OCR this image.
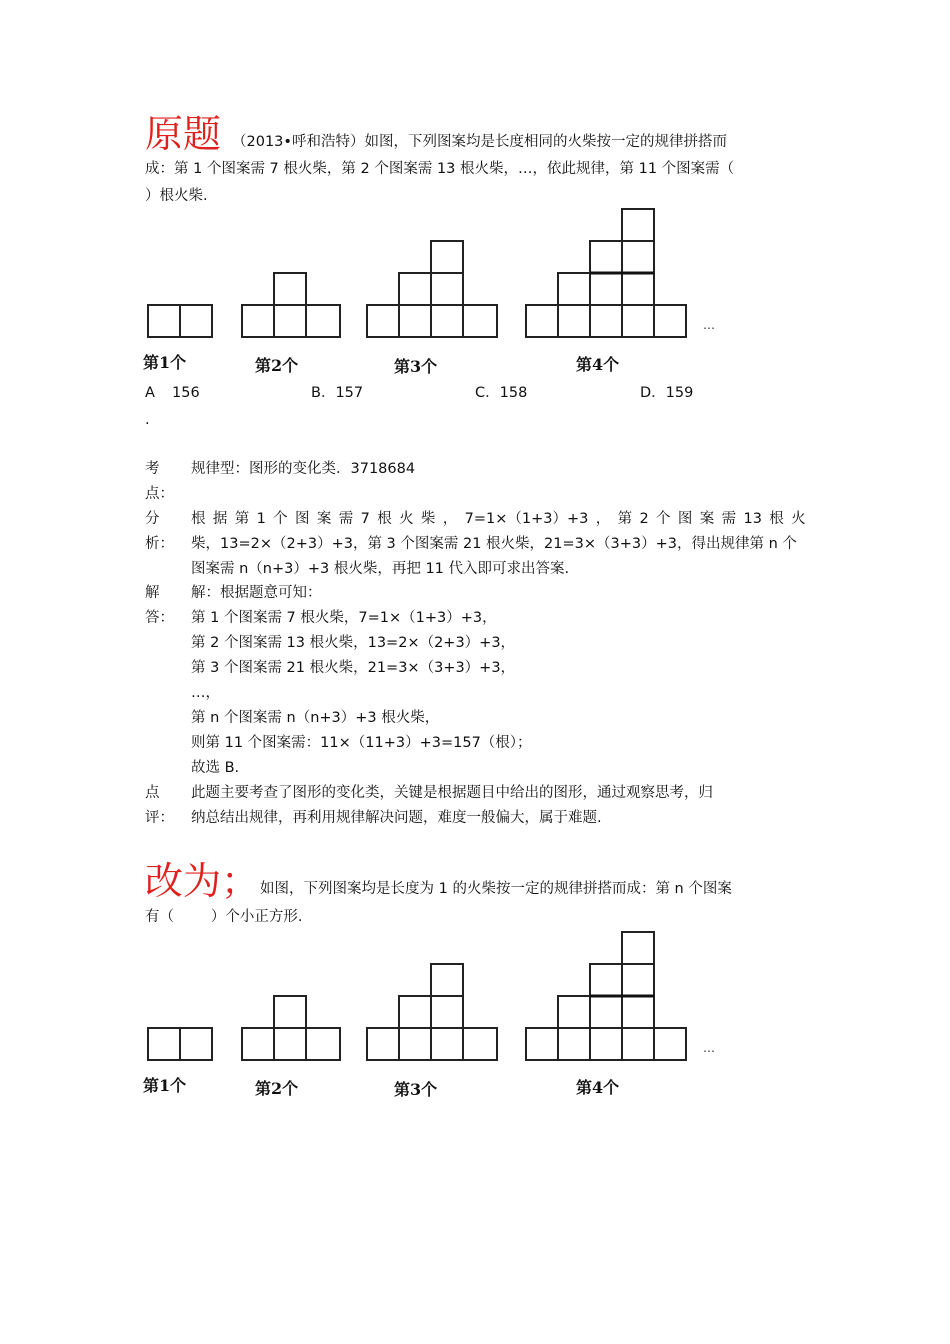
原题 （2013•呼和浩特）如图，下列图案均是长度相同的火柴按一定的规律拼搭而
成：第 1 个图案需 7 根火柴，第 2 个图案需 13 根火柴，…，依此规律，第 11 个图案需（
）根火柴.
…
第1个	第2个	第3个	第4个
A 156	B．157	C．158	D．159
.
考
点：
规律型：图形的变化类．3718684
分
析：
根 据 第 1 个 图 案 需 7 根 火 柴 ， 7=1×（1+3）+3 ， 第 2 个 图 案 需 13 根 火
柴，13=2×（2+3）+3，第 3 个图案需 21 根火柴，21=3×（3+3）+3，得出规律第 n 个
图案需 n（n+3）+3 根火柴，再把 11 代入即可求出答案.
解
答：
解：根据题意可知：
第 1 个图案需 7 根火柴，7=1×（1+3）+3，
第 2 个图案需 13 根火柴，13=2×（2+3）+3，
第 3 个图案需 21 根火柴，21=3×（3+3）+3，
…，
第 n 个图案需 n（n+3）+3 根火柴，
则第 11 个图案需：11×（11+3）+3=157（根）；
故选 B.
点
评：
此题主要考查了图形的变化类，关键是根据题目中给出的图形，通过观察思考，归
纳总结出规律，再利用规律解决问题，难度一般偏大，属于难题.
改为； 如图，下列图案均是长度为 1 的火柴按一定的规律拼搭而成：第 n 个图案
有（        ）个小正方形.
…
第1个	第2个	第3个	第4个
